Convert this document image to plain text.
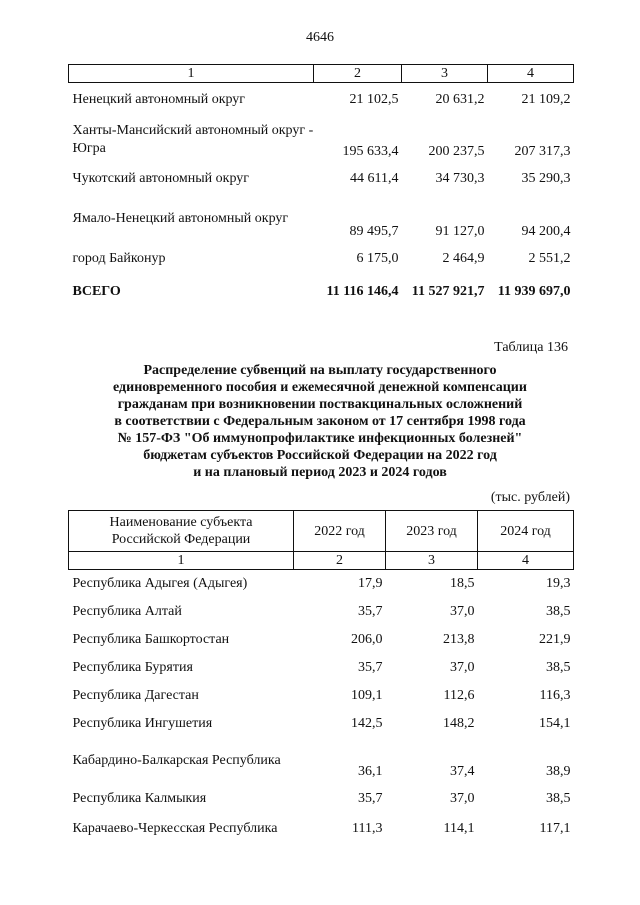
4646
1	2	3	4
Ненецкий автономный округ	21 102,5	20 631,2	21 109,2
Ханты-Мансийский автономный округ - Югра	195 633,4	200 237,5	207 317,3
Чукотский автономный округ	44 611,4	34 730,3	35 290,3
Ямало-Ненецкий автономный округ	89 495,7	91 127,0	94 200,4
город Байконур	6 175,0	2 464,9	2 551,2
ВСЕГО	11 116 146,4	11 527 921,7	11 939 697,0
Таблица 136
Распределение субвенций на выплату государственного
единовременного пособия и ежемесячной денежной компенсации
гражданам при возникновении поствакцинальных осложнений
в соответствии с Федеральным законом от 17 сентября 1998 года
№ 157-ФЗ "Об иммунопрофилактике инфекционных болезней"
бюджетам субъектов Российской Федерации на 2022 год
и на плановый период 2023 и 2024 годов
(тыс. рублей)
Наименование субъекта
Российской Федерации	2022 год	2023 год	2024 год
1	2	3	4
Республика Адыгея (Адыгея)	17,9	18,5	19,3
Республика Алтай	35,7	37,0	38,5
Республика Башкортостан	206,0	213,8	221,9
Республика Бурятия	35,7	37,0	38,5
Республика Дагестан	109,1	112,6	116,3
Республика Ингушетия	142,5	148,2	154,1
Кабардино-Балкарская Республика	36,1	37,4	38,9
Республика Калмыкия	35,7	37,0	38,5
Карачаево-Черкесская Республика	111,3	114,1	117,1
